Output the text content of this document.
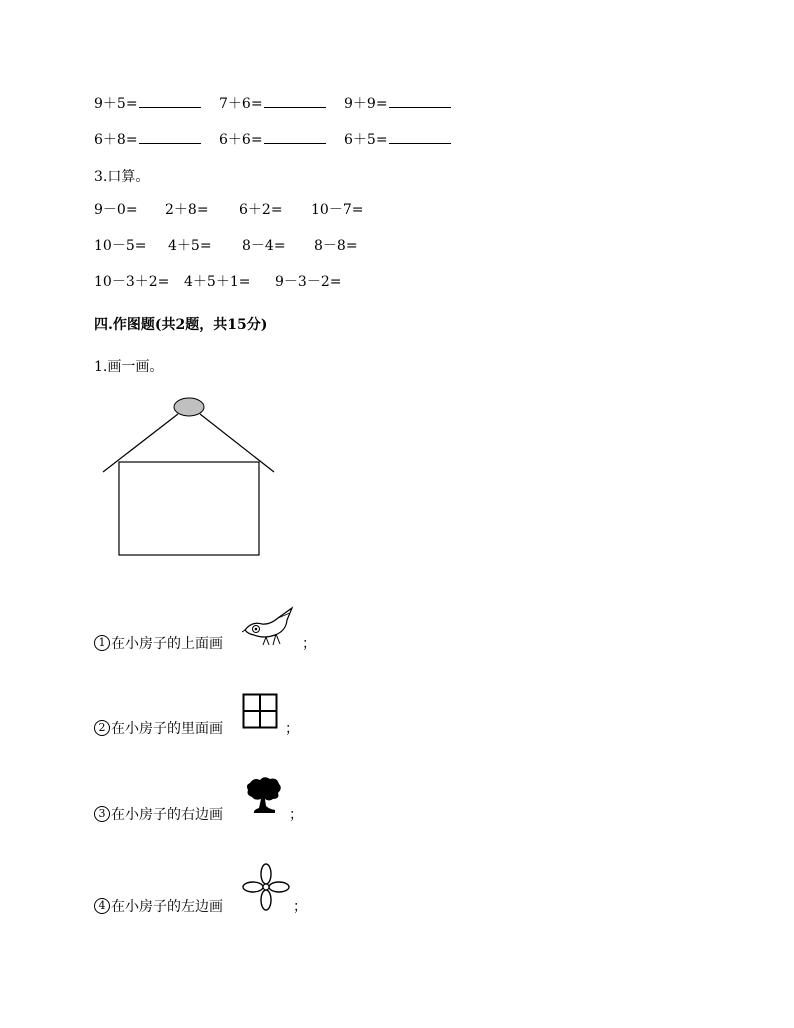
9＋5=	7＋6=	9＋9=
6＋8=	6＋6=	6＋5=
3.口算。
9－0= 2＋8= 6＋2= 10－7=
10－5= 4＋5= 8－4= 8－8=
10－3＋2= 4＋5＋1= 9－3－2=
四.作图题(共2题，共15分)
1.画一画。
1 在小房子的上面画	；
2 在小房子的里面画	；
3 在小房子的右边画	；
4 在小房子的左边画	；
